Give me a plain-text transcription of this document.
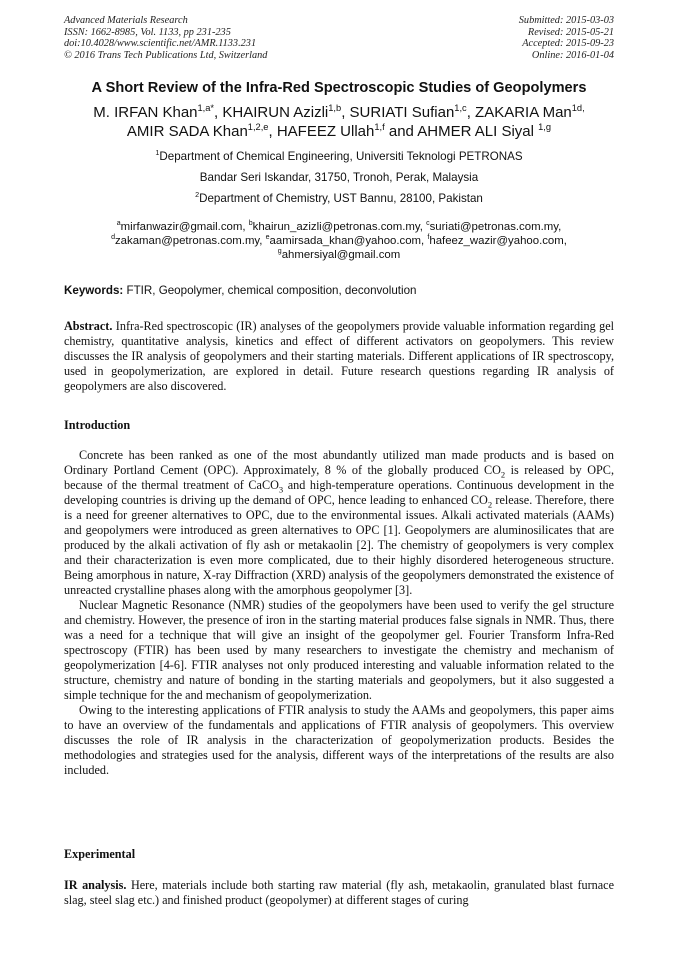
Advanced Materials Research
ISSN: 1662-8985, Vol. 1133, pp 231-235
doi:10.4028/www.scientific.net/AMR.1133.231
© 2016 Trans Tech Publications Ltd, Switzerland
Submitted: 2015-03-03
Revised: 2015-05-21
Accepted: 2015-09-23
Online: 2016-01-04
A Short Review of the Infra-Red Spectroscopic Studies of Geopolymers
M. IRFAN Khan$^{1,a*}$, KHAIRUN Azizli$^{1,b}$, SURIATI Sufian$^{1,c}$, ZAKARIA Man$^{1d,}$
AMIR SADA Khan$^{1,2,e}$, HAFEEZ Ullah$^{1,f}$ and AHMER ALI Siyal $^{1,g}$
$^1$Department of Chemical Engineering, Universiti Teknologi PETRONAS
Bandar Seri Iskandar, 31750, Tronoh, Perak, Malaysia
$^2$Department of Chemistry, UST Bannu, 28100, Pakistan
$^a$mirfanwazir@gmail.com, $^b$khairun_azizli@petronas.com.my, $^c$suriati@petronas.com.my,
$^d$zakaman@petronas.com.my, $^e$aamirsada_khan@yahoo.com, $^f$hafeez_wazir@yahoo.com,
$^g$ahmersiyal@gmail.com
Keywords: FTIR, Geopolymer, chemical composition, deconvolution

Abstract. Infra-Red spectroscopic (IR) analyses of the geopolymers provide valuable information regarding gel chemistry, quantitative analysis, kinetics and effect of different activators on geopolymers. This review discusses the IR analysis of geopolymers and their starting materials. Different applications of IR spectroscopy, used in geopolymerization, are explored in detail. Future research questions regarding IR analysis of geopolymers are also discovered.

Introduction

Concrete has been ranked as one of the most abundantly utilized man made products and is based on Ordinary Portland Cement (OPC). Approximately, 8 % of the globally produced $CO_2$ is released by OPC, because of the thermal treatment of CaCO$_3$ and high-temperature operations. Continuous development in the developing countries is driving up the demand of OPC, hence leading to enhanced $CO_2$ release. Therefore, there is a need for greener alternatives to OPC, due to the environmental issues. Alkali activated materials (AAMs) and geopolymers were introduced as green alternatives to OPC [1]. Geopolymers are aluminosilicates that are produced by the alkali activation of fly ash or metakaolin [2]. The chemistry of geopolymers is very complex and their characterization is even more complicated, due to their highly disordered heterogeneous structure. Being amorphous in nature, X-ray Diffraction (XRD) analysis of the geopolymers demonstrated the existence of unreacted crystalline phases along with the amorphous geopolymer [3].

Nuclear Magnetic Resonance (NMR) studies of the geopolymers have been used to verify the gel structure and chemistry. However, the presence of iron in the starting material produces false signals in NMR. Thus, there was a need for a technique that will give an insight of the geopolymer gel. Fourier Transform Infra-Red spectroscopy (FTIR) has been used by many researchers to investigate the chemistry and mechanism of geopolymerization [4-6]. FTIR analyses not only produced interesting and valuable information related to the structure, chemistry and nature of bonding in the starting materials and geopolymers, but it also suggested a simple technique for the and mechanism of geopolymerization.

Owing to the interesting applications of FTIR analysis to study the AAMs and geopolymers, this paper aims to have an overview of the fundamentals and applications of FTIR analysis of geopolymers. This overview discusses the role of IR analysis in the characterization of geopolymerization products. Besides the methodologies and strategies used for the analysis, different ways of the interpretations of the results are also included.

Experimental

IR analysis. Here, materials include both starting raw material (fly ash, metakaolin, granulated blast furnace slag, steel slag etc.) and finished product (geopolymer) at different stages of curing
